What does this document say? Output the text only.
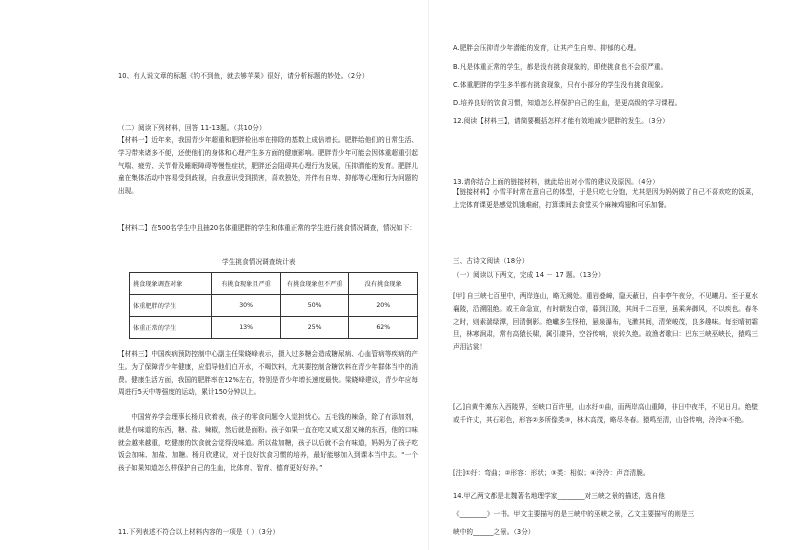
10、有人说文章的标题《钓不到鱼，就去够苹果》很好，请分析标题的妙处。（2分）
（二）阅读下列材料，回答 11-13题。（共10分）
【材料一】近年来，我国青少年超重和肥胖检出率在排除的基数上成倍增长。肥胖给他们的日常生活、学习带来诸多不便，还使他们的身体和心理产生多方面的健康影响。肥胖青少年可能会因体重超重引起气喘、疲劳、关节骨及睡眠障碍等慢性症状，肥胖还会阻碍其心理行为发展，压抑潜能的发育。肥胖儿童在集体活动中容易受到歧视，自我意识受到损害，喜欢独处，并伴有自卑、抑郁等心理和行为问题的出现。
【材料二】在500名学生中且抽20名体重肥胖的学生和体重正常的学生进行挑食情况调查，情况如下：
学生挑食情况调查统计表
挑食现象调查对象	有挑食现象且严重	有挑食现象但不严重	没有挑食现象
体重肥胖的学生	30%	50%	20%
体重正常的学生	13%	25%	62%
【材料三】中国疾病预防控制中心副主任梁晓峰表示，摄入过多糖会造成糖尿病、心血管病等疾病的产生。为了保障青少年健康，应倡导他们白开水，不喝饮料，尤其要控制含糖饮料在青少年群体当中的消费。健康生活方面，我国的肥胖率在12%左右，特别是青少年增长速度最快。梁晓峰建议，青少年应每周进行5天中等强度的运动，累计150分钟以上。
中国营养学会理事长杨月欣着表，孩子的零食问题令人觉担忧心。五毛钱的辣条，除了有添加剂，就是有味道的东西，糖、盐、辣椒，然后就是面粉。孩子如果一直在吃又咸又甜又辣的东西，他的口味就会越来越重，吃健康的饮食就会觉得没味道。所以盐加糖，孩子以后就不会有味道，妈妈为了孩子吃饭会加味、加盐、加糖。杨月欣建议，对于良好饮食习惯的培养，最好能够加入到课本当中去。“一个孩子如果知道怎么样保护自己的生血，比体育、智育、德育更好好养。”
11.下列表述不符合以上材料内容的一项是（ ）（3分）
A.肥胖会压抑青少年潜能的发育，让其产生自卑、抑郁的心理。
B.凡是体重正常的学生，都是没有挑食现象的，即使挑食也不会很严重。
C.体重肥胖的学生多半都有挑食现象，只有小部分的学生没有挑食现象。
D.培养良好的饮食习惯，知道怎么样保护自己的生血，是更高级的学习课程。
12.阅读【材料三】，请简要概括怎样才能有效地减少肥胖的发生。（3分）
13.请你结合上面的链接材料，就此给出对小雪的建议及原因。（4分）
【链接材料】小雪平时常在意自己的体型，于是只吃七分饱，尤其是因为妈妈做了自己不喜欢吃的饭菜，上完体育课更是感觉饥饿难耐，打算课间去食堂买个麻辣鸡翅和可乐加餐。
三、古诗文阅读（18分）
（一）阅读以下两文，完成 14 － 17 题。（13分）
[甲] 自三峡七百里中，两岸连山，略无阙处。重岩叠嶂，隐天蔽日，自非亭午夜分，不见曦月。至于夏水襄陵，沿溯阻绝。或王命急宣，有时朝发白帝，暮到江陵，其间千二百里，虽乘奔御风，不以疾也。春冬之时，则素湍绿潭，回清倒影。绝巘多生怪柏，悬泉瀑布，飞漱其间，清荣峻茂，良多趣味。每至晴初霜旦，林寒涧肃，常有高猿长啸，属引凄异，空谷传响，哀转久绝。故渔者歌曰：巴东三峡巫峡长，猿鸣三声泪沾裳！
[乙]自黄牛滩东入西陵界，至峡口百许里，山水纡①曲，而两岸高山重障，非日中夜半，不见日月。绝壁或千许丈，其石彩色，形容②多所像类③，林木高茂，略尽冬春。猿鸣至清，山谷传响，泠泠④不绝。
[注]①纡：弯曲；②形容：形状；③类：相似；④泠泠：声音清脆。
14.甲乙两文都是北魏著名地理学家________对三峡之景的描述，选自他
《________》一书。甲文主要描写的是三峡中的巫峡之景，乙文主要描写的则是三
峡中的______之景。（3分）
